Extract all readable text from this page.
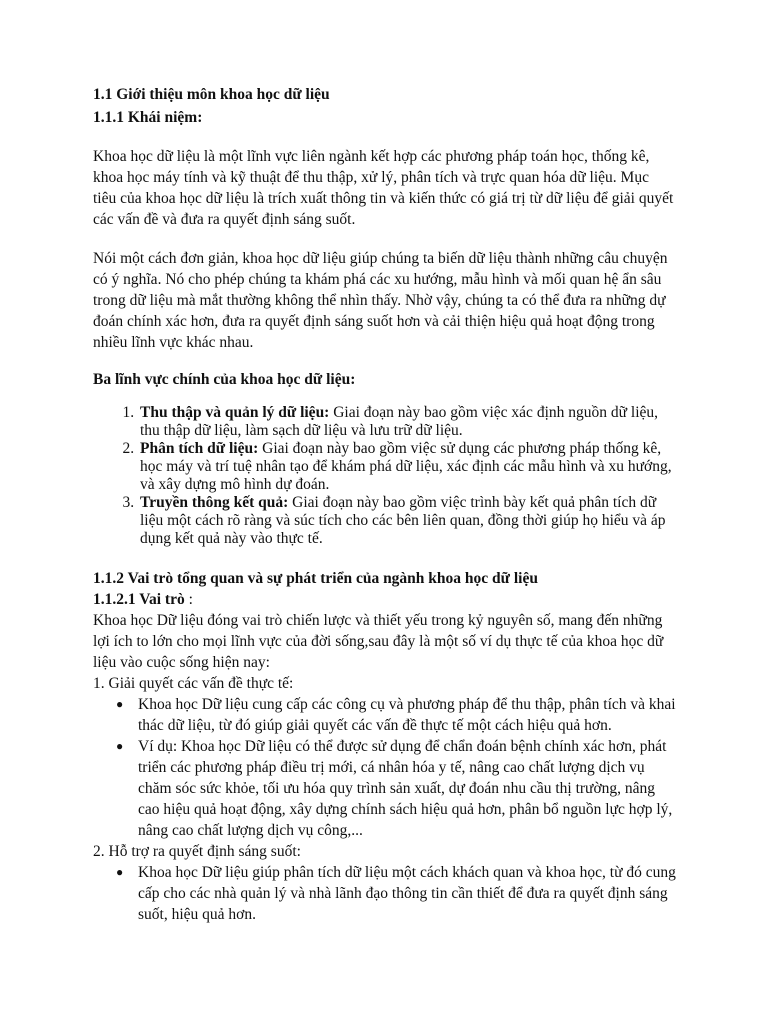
1.1 Giới thiệu môn khoa học dữ liệu
1.1.1 Khái niệm:

Khoa học dữ liệu là một lĩnh vực liên ngành kết hợp các phương pháp toán học, thống kê, khoa học máy tính và kỹ thuật để thu thập, xử lý, phân tích và trực quan hóa dữ liệu. Mục tiêu của khoa học dữ liệu là trích xuất thông tin và kiến thức có giá trị từ dữ liệu để giải quyết các vấn đề và đưa ra quyết định sáng suốt.

Nói một cách đơn giản, khoa học dữ liệu giúp chúng ta biến dữ liệu thành những câu chuyện có ý nghĩa. Nó cho phép chúng ta khám phá các xu hướng, mẫu hình và mối quan hệ ẩn sâu trong dữ liệu mà mắt thường không thể nhìn thấy. Nhờ vậy, chúng ta có thể đưa ra những dự đoán chính xác hơn, đưa ra quyết định sáng suốt hơn và cải thiện hiệu quả hoạt động trong nhiều lĩnh vực khác nhau.

Ba lĩnh vực chính của khoa học dữ liệu:

1. Thu thập và quản lý dữ liệu: Giai đoạn này bao gồm việc xác định nguồn dữ liệu, thu thập dữ liệu, làm sạch dữ liệu và lưu trữ dữ liệu.
2. Phân tích dữ liệu: Giai đoạn này bao gồm việc sử dụng các phương pháp thống kê, học máy và trí tuệ nhân tạo để khám phá dữ liệu, xác định các mẫu hình và xu hướng, và xây dựng mô hình dự đoán.
3. Truyền thông kết quả: Giai đoạn này bao gồm việc trình bày kết quả phân tích dữ liệu một cách rõ ràng và súc tích cho các bên liên quan, đồng thời giúp họ hiểu và áp dụng kết quả này vào thực tế.
1.1.2 Vai trò tổng quan và sự phát triển của ngành khoa học dữ liệu

1.1.2.1 Vai trò :

Khoa học Dữ liệu đóng vai trò chiến lược và thiết yếu trong kỷ nguyên số, mang đến những lợi ích to lớn cho mọi lĩnh vực của đời sống,sau đây là một số ví dụ thực tế của khoa học dữ liệu vào cuộc sống hiện nay:

1. Giải quyết các vấn đề thực tế:

● Khoa học Dữ liệu cung cấp các công cụ và phương pháp để thu thập, phân tích và khai thác dữ liệu, từ đó giúp giải quyết các vấn đề thực tế một cách hiệu quả hơn.
● Ví dụ: Khoa học Dữ liệu có thể được sử dụng để chẩn đoán bệnh chính xác hơn, phát triển các phương pháp điều trị mới, cá nhân hóa y tế, nâng cao chất lượng dịch vụ chăm sóc sức khỏe, tối ưu hóa quy trình sản xuất, dự đoán nhu cầu thị trường, nâng cao hiệu quả hoạt động, xây dựng chính sách hiệu quả hơn, phân bổ nguồn lực hợp lý, nâng cao chất lượng dịch vụ công,...

2. Hỗ trợ ra quyết định sáng suốt:

● Khoa học Dữ liệu giúp phân tích dữ liệu một cách khách quan và khoa học, từ đó cung cấp cho các nhà quản lý và nhà lãnh đạo thông tin cần thiết để đưa ra quyết định sáng suốt, hiệu quả hơn.
